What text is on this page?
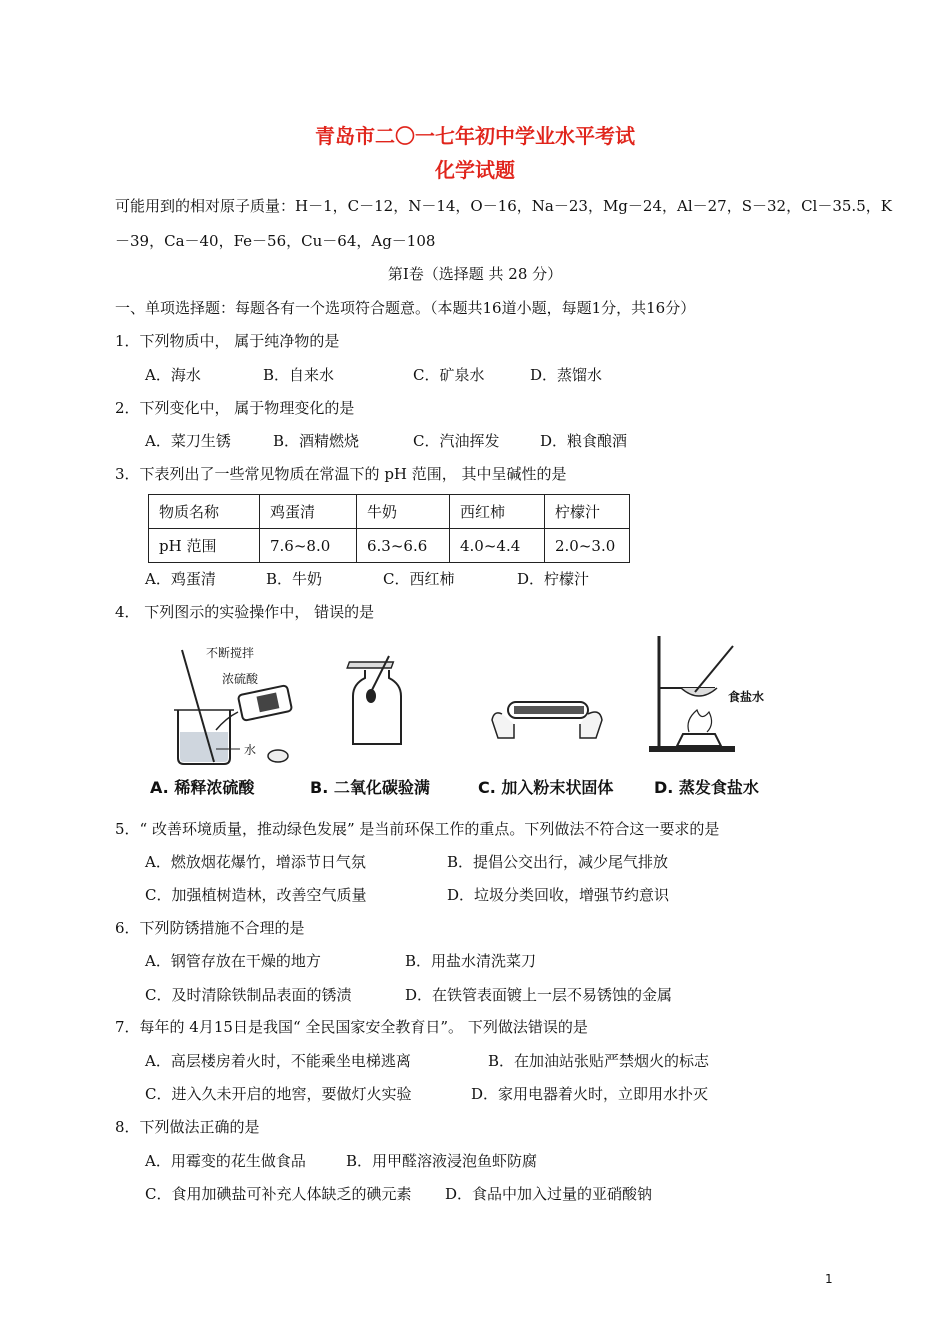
青岛市二〇一七年初中学业水平考试
化学试题
可能用到的相对原子质量：H－1，C－12，N－14，O－16，Na－23，Mg－24，Al－27，S－32，Cl－35.5，K
－39，Ca－40，Fe－56，Cu－64，Ag－108
第Ⅰ卷（选择题 共 28 分）
一、单项选择题：每题各有一个选项符合题意。（本题共16道小题，每题1分，共16分）
1．下列物质中， 属于纯净物的是
A．海水	B．自来水	C．矿泉水	D．蒸馏水
2．下列变化中， 属于物理变化的是
A．菜刀生锈	B．酒精燃烧	C．汽油挥发	D．粮食酿酒
3．下表列出了一些常见物质在常温下的 pH 范围， 其中呈碱性的是
物质名称	鸡蛋清	牛奶	西红柿	柠檬汁
pH 范围	7.6~8.0	6.3~6.6	4.0~4.4	2.0~3.0
A．鸡蛋清	B．牛奶	C．西红柿	D．柠檬汁
4． 下列图示的实验操作中， 错误的是
不断搅拌
浓硫酸
水
食盐水
A. 稀释浓硫酸	B. 二氧化碳验满	C. 加入粉末状固体	D. 蒸发食盐水
5．“ 改善环境质量，推动绿色发展” 是当前环保工作的重点。下列做法不符合这一要求的是
A．燃放烟花爆竹，增添节日气氛	B．提倡公交出行，减少尾气排放
C．加强植树造林，改善空气质量	D．垃圾分类回收，增强节约意识
6．下列防锈措施不合理的是
A．钢管存放在干燥的地方	B．用盐水清洗菜刀
C．及时清除铁制品表面的锈渍	D．在铁管表面镀上一层不易锈蚀的金属
7．每年的 4月15日是我国“ 全民国家安全教育日”。 下列做法错误的是
A．高层楼房着火时，不能乘坐电梯逃离	B．在加油站张贴严禁烟火的标志
C．进入久未开启的地窖，要做灯火实验	D．家用电器着火时，立即用水扑灭
8．下列做法正确的是
A．用霉变的花生做食品	B．用甲醛溶液浸泡鱼虾防腐
C．食用加碘盐可补充人体缺乏的碘元素 D．食品中加入过量的亚硝酸钠
1
